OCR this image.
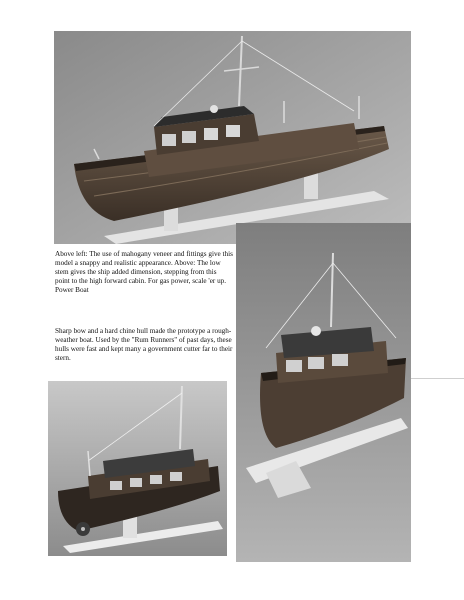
Above left: The use of mahogany veneer and fittings give this model a snappy and realistic appearance. Above: The low stem gives the ship added dimension, stepping from this point to the high forward cabin. For gas power, scale 'er up. Power Boat

Sharp bow and a hard chine hull made the prototype a rough-weather boat. Used by the "Rum Runners" of past days, these hulls were fast and kept many a government cutter far to their stern.
